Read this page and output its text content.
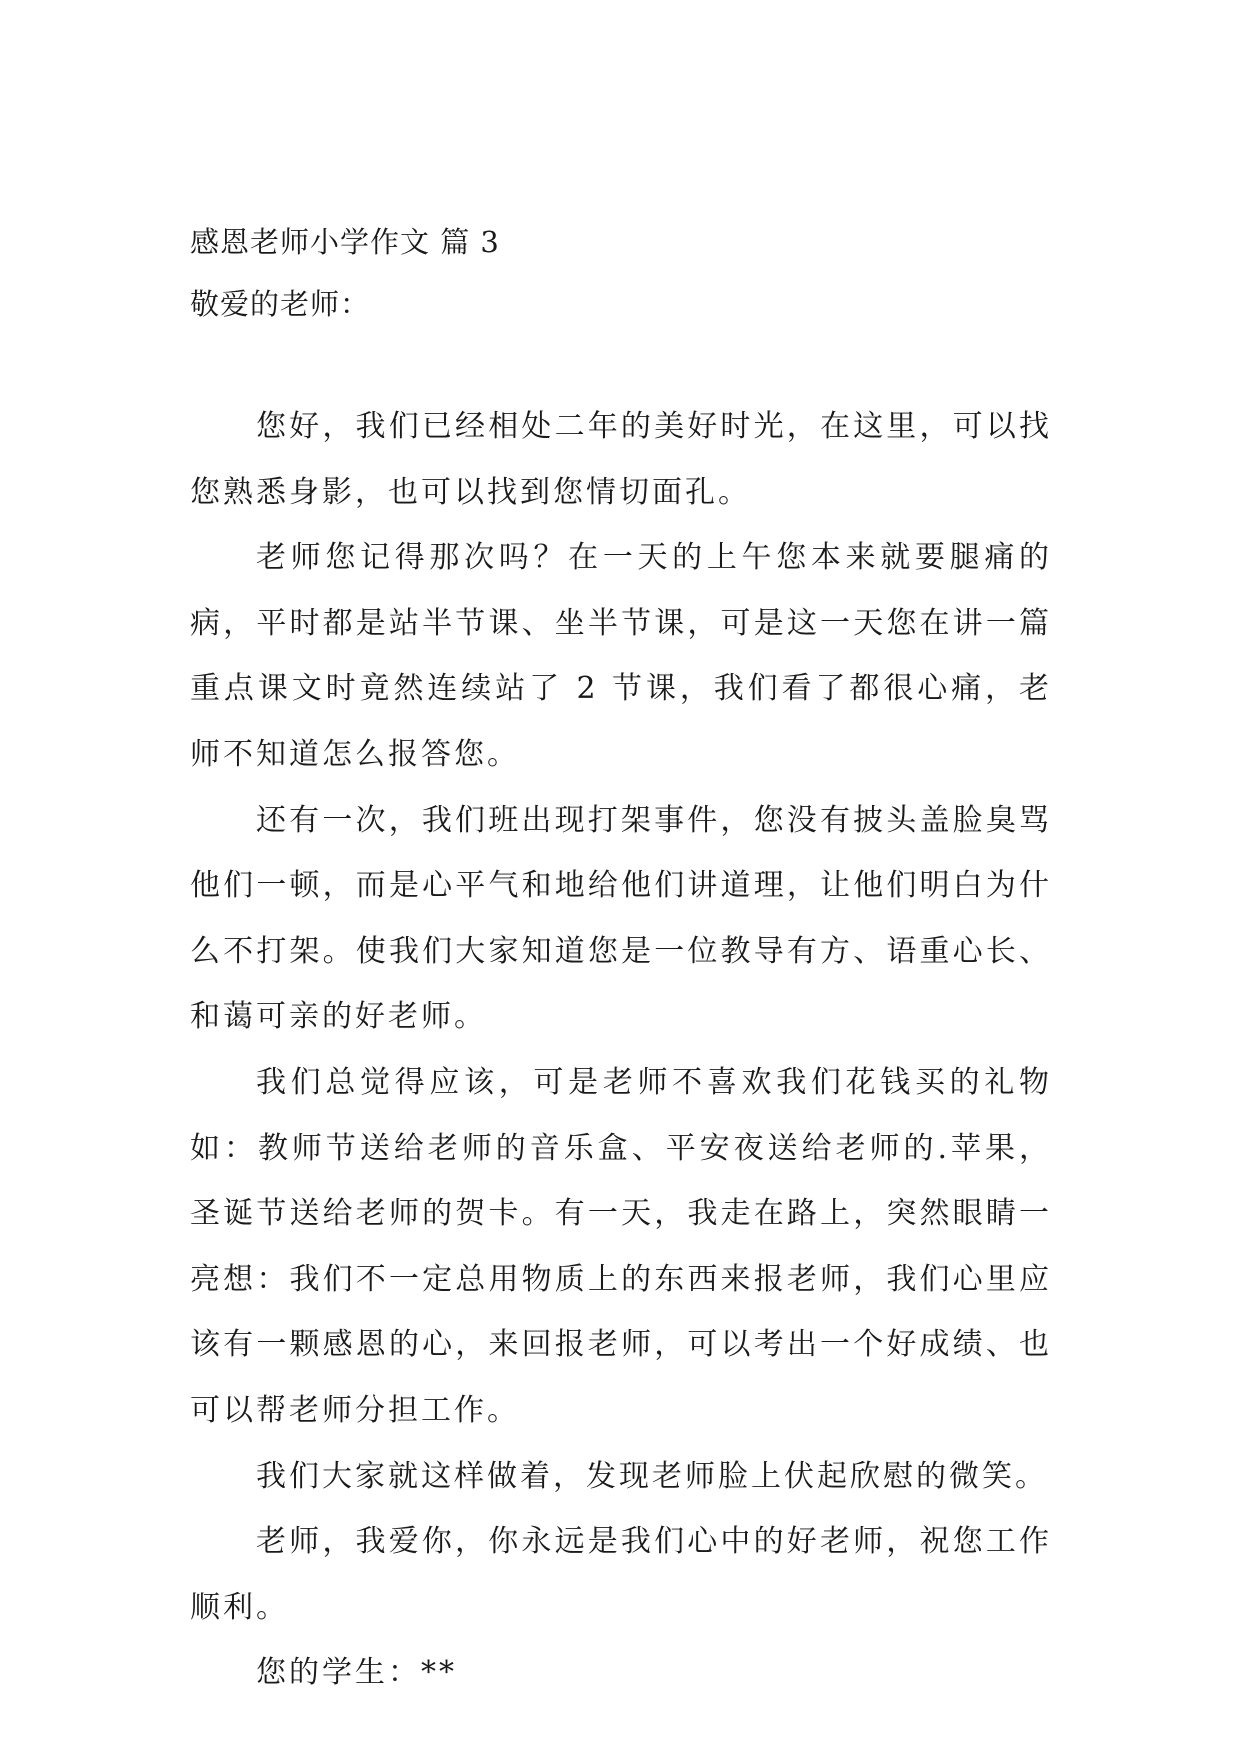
感恩老师小学作文 篇 3
敬爱的老师：

您好，我们已经相处二年的美好时光，在这里，可以找您熟悉身影，也可以找到您情切面孔。

老师您记得那次吗？在一天的上午您本来就要腿痛的病，平时都是站半节课、坐半节课，可是这一天您在讲一篇重点课文时竟然连续站了 2 节课，我们看了都很心痛，老师不知道怎么报答您。

还有一次，我们班出现打架事件，您没有披头盖脸臭骂他们一顿，而是心平气和地给他们讲道理，让他们明白为什么不打架。使我们大家知道您是一位教导有方、语重心长、和蔼可亲的好老师。

我们总觉得应该，可是老师不喜欢我们花钱买的礼物如：教师节送给老师的音乐盒、平安夜送给老师的.苹果，圣诞节送给老师的贺卡。有一天，我走在路上，突然眼睛一亮想：我们不一定总用物质上的东西来报老师，我们心里应该有一颗感恩的心，来回报老师，可以考出一个好成绩、也可以帮老师分担工作。

我们大家就这样做着，发现老师脸上伏起欣慰的微笑。

老师，我爱你，你永远是我们心中的好老师，祝您工作顺利。

您的学生：**
